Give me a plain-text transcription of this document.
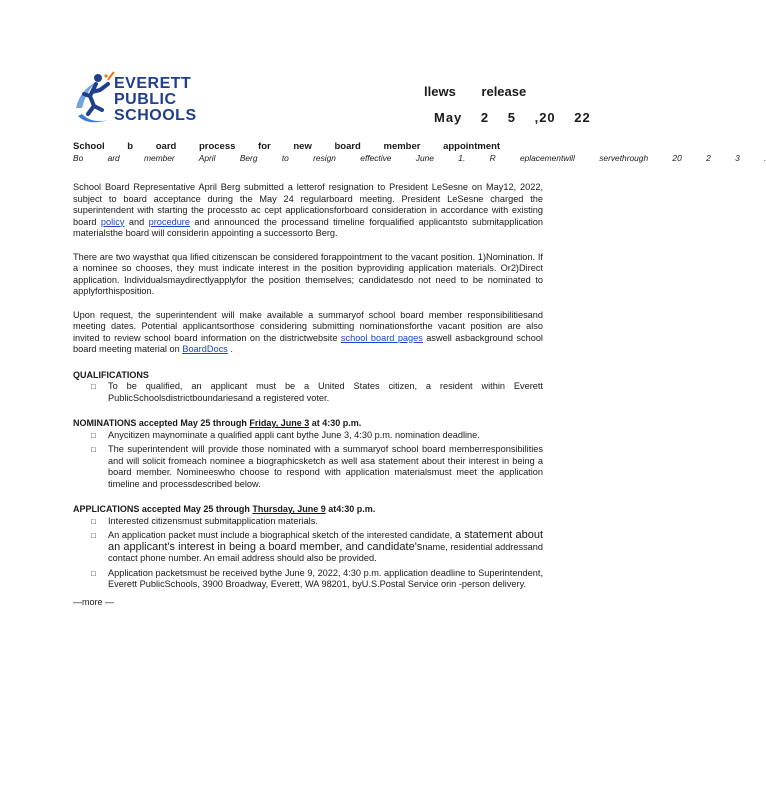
EVERETT
PUBLIC
SCHOOLS
llews release
May 2 5 ,20 22
School b oard process for new board member appointment
Bo ard member April Berg to resign effective June 1. R eplacementwill servethrough 20 2 3 .

School Board Representative April Berg submitted a letterof resignation to President LeSesne on May12, 2022, subject to board acceptance during the May 24 regularboard meeting. President LeSesne charged the superintendent with starting the processto ac cept applicationsforboard consideration in accordance with existing board policy and procedure and announced the processand timeline forqualified applicantsto submitapplication materialsthe board will considerin appointing a successorto Berg.

There are two waysthat qua lified citizenscan be considered forappointment to the vacant position. 1)Nomination. If a nominee so chooses, they must indicate interest in the position byproviding application materials. Or2)Direct application. Individualsmaydirectlyapplyfor the position themselves; candidatesdo not need to be nominated to applyforthisposition.

Upon request, the superintendent will make available a summaryof school board member responsibilitiesand meeting dates. Potential applicantsorthose considering submitting nominationsforthe vacant position are also invited to review school board information on the districtwebsite school board pages aswell asbackground school board meeting material on BoardDocs .

QUALIFICATIONS
□ To be qualified, an applicant must be a United States citizen, a resident within Everett PublicSchoolsdistrictboundariesand a registered voter.
NOMINATIONS accepted May 25 through Friday, June 3 at 4:30 p.m.
□ Anycitizen maynominate a qualified appli cant bythe June 3, 4:30 p.m. nomination deadline.
□ The superintendent will provide those nominated with a summaryof school board memberresponsibilities and will solicit fromeach nominee a biographicsketch as well asa statement about their interest in being a board member. Nomineeswho choose to respond with application materialsmust meet the application timeline and processdescribed below.
APPLICATIONS accepted May 25 through Thursday, June 9 at4:30 p.m.
□ Interested citizensmust submitapplication materials.
□ An application packet must include a biographical sketch of the interested candidate, a statement about an applicant's interest in being a board member, and candidate'sname, residential addressand contact phone number. An email address should also be provided.
□ Application packetsmust be received bythe June 9, 2022, 4:30 p.m. application deadline to Superintendent, Everett PublicSchools, 3900 Broadway, Everett, WA 98201, byU.S.Postal Service orin -person delivery.
—more —
